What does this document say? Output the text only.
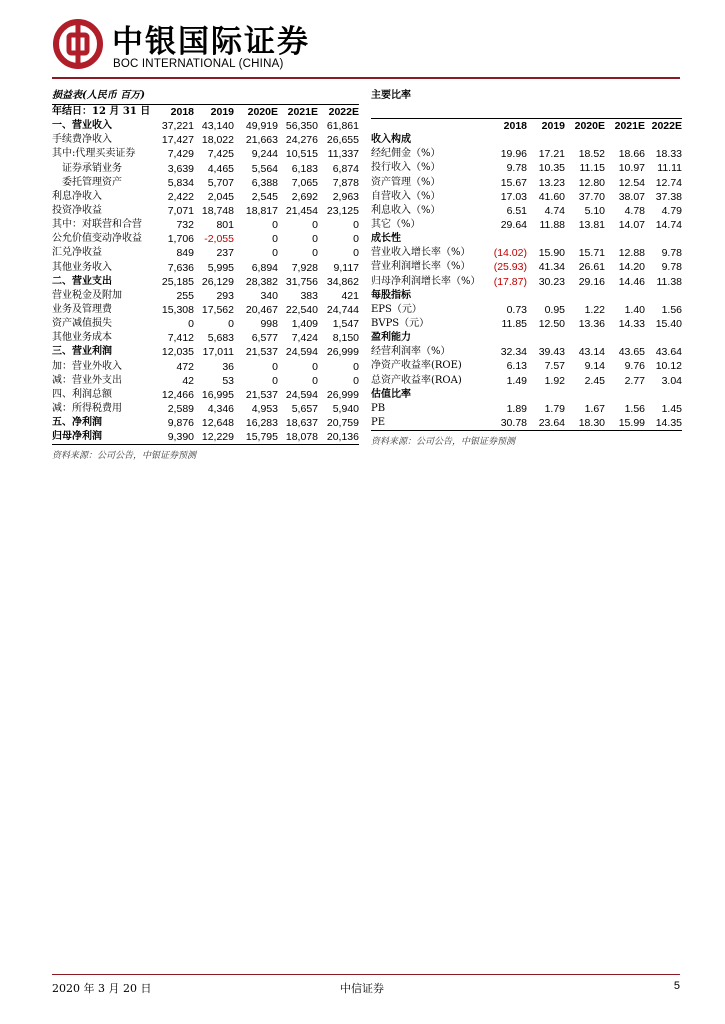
中银国际证券
BOC INTERNATIONAL (CHINA)
损益表(人民币 百万)
年结日：12 月 31 日	2018	2019	2020E	2021E	2022E
一、营业收入	37,221	43,140	49,919	56,350	61,861
手续费净收入	17,427	18,022	21,663	24,276	26,655
其中:代理买卖证券	7,429	7,425	9,244	10,515	11,337
　证券承销业务	3,639	4,465	5,564	6,183	6,874
　委托管理资产	5,834	5,707	6,388	7,065	7,878
利息净收入	2,422	2,045	2,545	2,692	2,963
投资净收益	7,071	18,748	18,817	21,454	23,125
其中：对联营和合营	732	801	0	0	0
公允价值变动净收益	1,706	-2,055	0	0	0
汇兑净收益	849	237	0	0	0
其他业务收入	7,636	5,995	6,894	7,928	9,117
二、营业支出	25,185	26,129	28,382	31,756	34,862
营业税金及附加	255	293	340	383	421
业务及管理费	15,308	17,562	20,467	22,540	24,744
资产减值损失	0	0	998	1,409	1,547
其他业务成本	7,412	5,683	6,577	7,424	8,150
三、营业利润	12,035	17,011	21,537	24,594	26,999
加：营业外收入	472	36	0	0	0
减：营业外支出	42	53	0	0	0
四、利润总额	12,466	16,995	21,537	24,594	26,999
减：所得税费用	2,589	4,346	4,953	5,657	5,940
五、净利润	9,876	12,648	16,283	18,637	20,759
归母净利润	9,390	12,229	15,795	18,078	20,136
资料来源：公司公告，中银证券预测
主要比率
	2018	2019	2020E	2021E	2022E
收入构成					
经纪佣金（%）	19.96	17.21	18.52	18.66	18.33
投行收入（%）	9.78	10.35	11.15	10.97	11.11
资产管理（%）	15.67	13.23	12.80	12.54	12.74
自营收入（%）	17.03	41.60	37.70	38.07	37.38
利息收入（%）	6.51	4.74	5.10	4.78	4.79
其它（%）	29.64	11.88	13.81	14.07	14.74
成长性					
营业收入增长率（%）	(14.02)	15.90	15.71	12.88	9.78
营业利润增长率（%）	(25.93)	41.34	26.61	14.20	9.78
归母净利润增长率（%）	(17.87)	30.23	29.16	14.46	11.38
每股指标					
EPS（元）	0.73	0.95	1.22	1.40	1.56
BVPS（元）	11.85	12.50	13.36	14.33	15.40
盈利能力					
经营利润率（%）	32.34	39.43	43.14	43.65	43.64
净资产收益率(ROE)	6.13	7.57	9.14	9.76	10.12
总资产收益率(ROA)	1.49	1.92	2.45	2.77	3.04
估值比率					
PB	1.89	1.79	1.67	1.56	1.45
PE	30.78	23.64	18.30	15.99	14.35
资料来源：公司公告，中银证券预测
2020 年 3 月 20 日	中信证券	5
